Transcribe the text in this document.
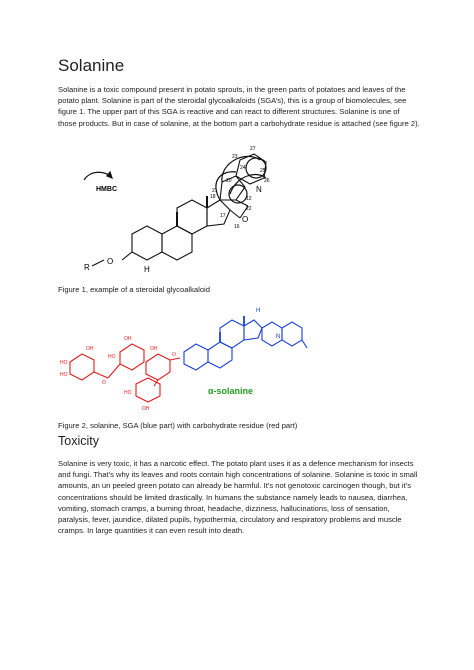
Solanine

Solanine is a toxic compound present in potato sprouts, in the green parts of potatoes and leaves of the potato plant. Solanine is part of the steroidal glycoalkaloids (SGA’s), this is a group of biomolecules, see figure 1. The upper part of this SGA is reactive and can react to different structures. Solanine is one of those products. But in case of solanine, at the bottom part a carbohydrate residue is attached (see figure 2).

HMBC
R
O
H
N
27
23
24	25
26
20
21
22
17
16
18	12
O

Figure 1, example of a steroidal glycoalkaloid

HO
HO
OH
OH
HO
OH
HO
OH
O
O
N
H
α-solanine

Figure 2, solanine, SGA (blue part) with carbohydrate residue (red part)

Toxicity

Solanine is very toxic, it has a narcotic effect. The potato plant uses it as a defence mechanism for insects and fungi. That’s why its leaves and roots contain high concentrations of solanine. Solanine is toxic in small amounts, an un peeled green potato can already be harmful. It’s not genotoxic carcinogen though, but it’s concentrations should be limited drastically. In humans the substance namely leads to nausea, diarrhea, vomiting, stomach cramps, a burning throat, headache, dizziness, hallucinations, loss of sensation, paralysis, fever, jaundice, dilated pupils, hypothermia, circulatory and respiratory problems and muscle cramps. In large quantities it can even result into death.
